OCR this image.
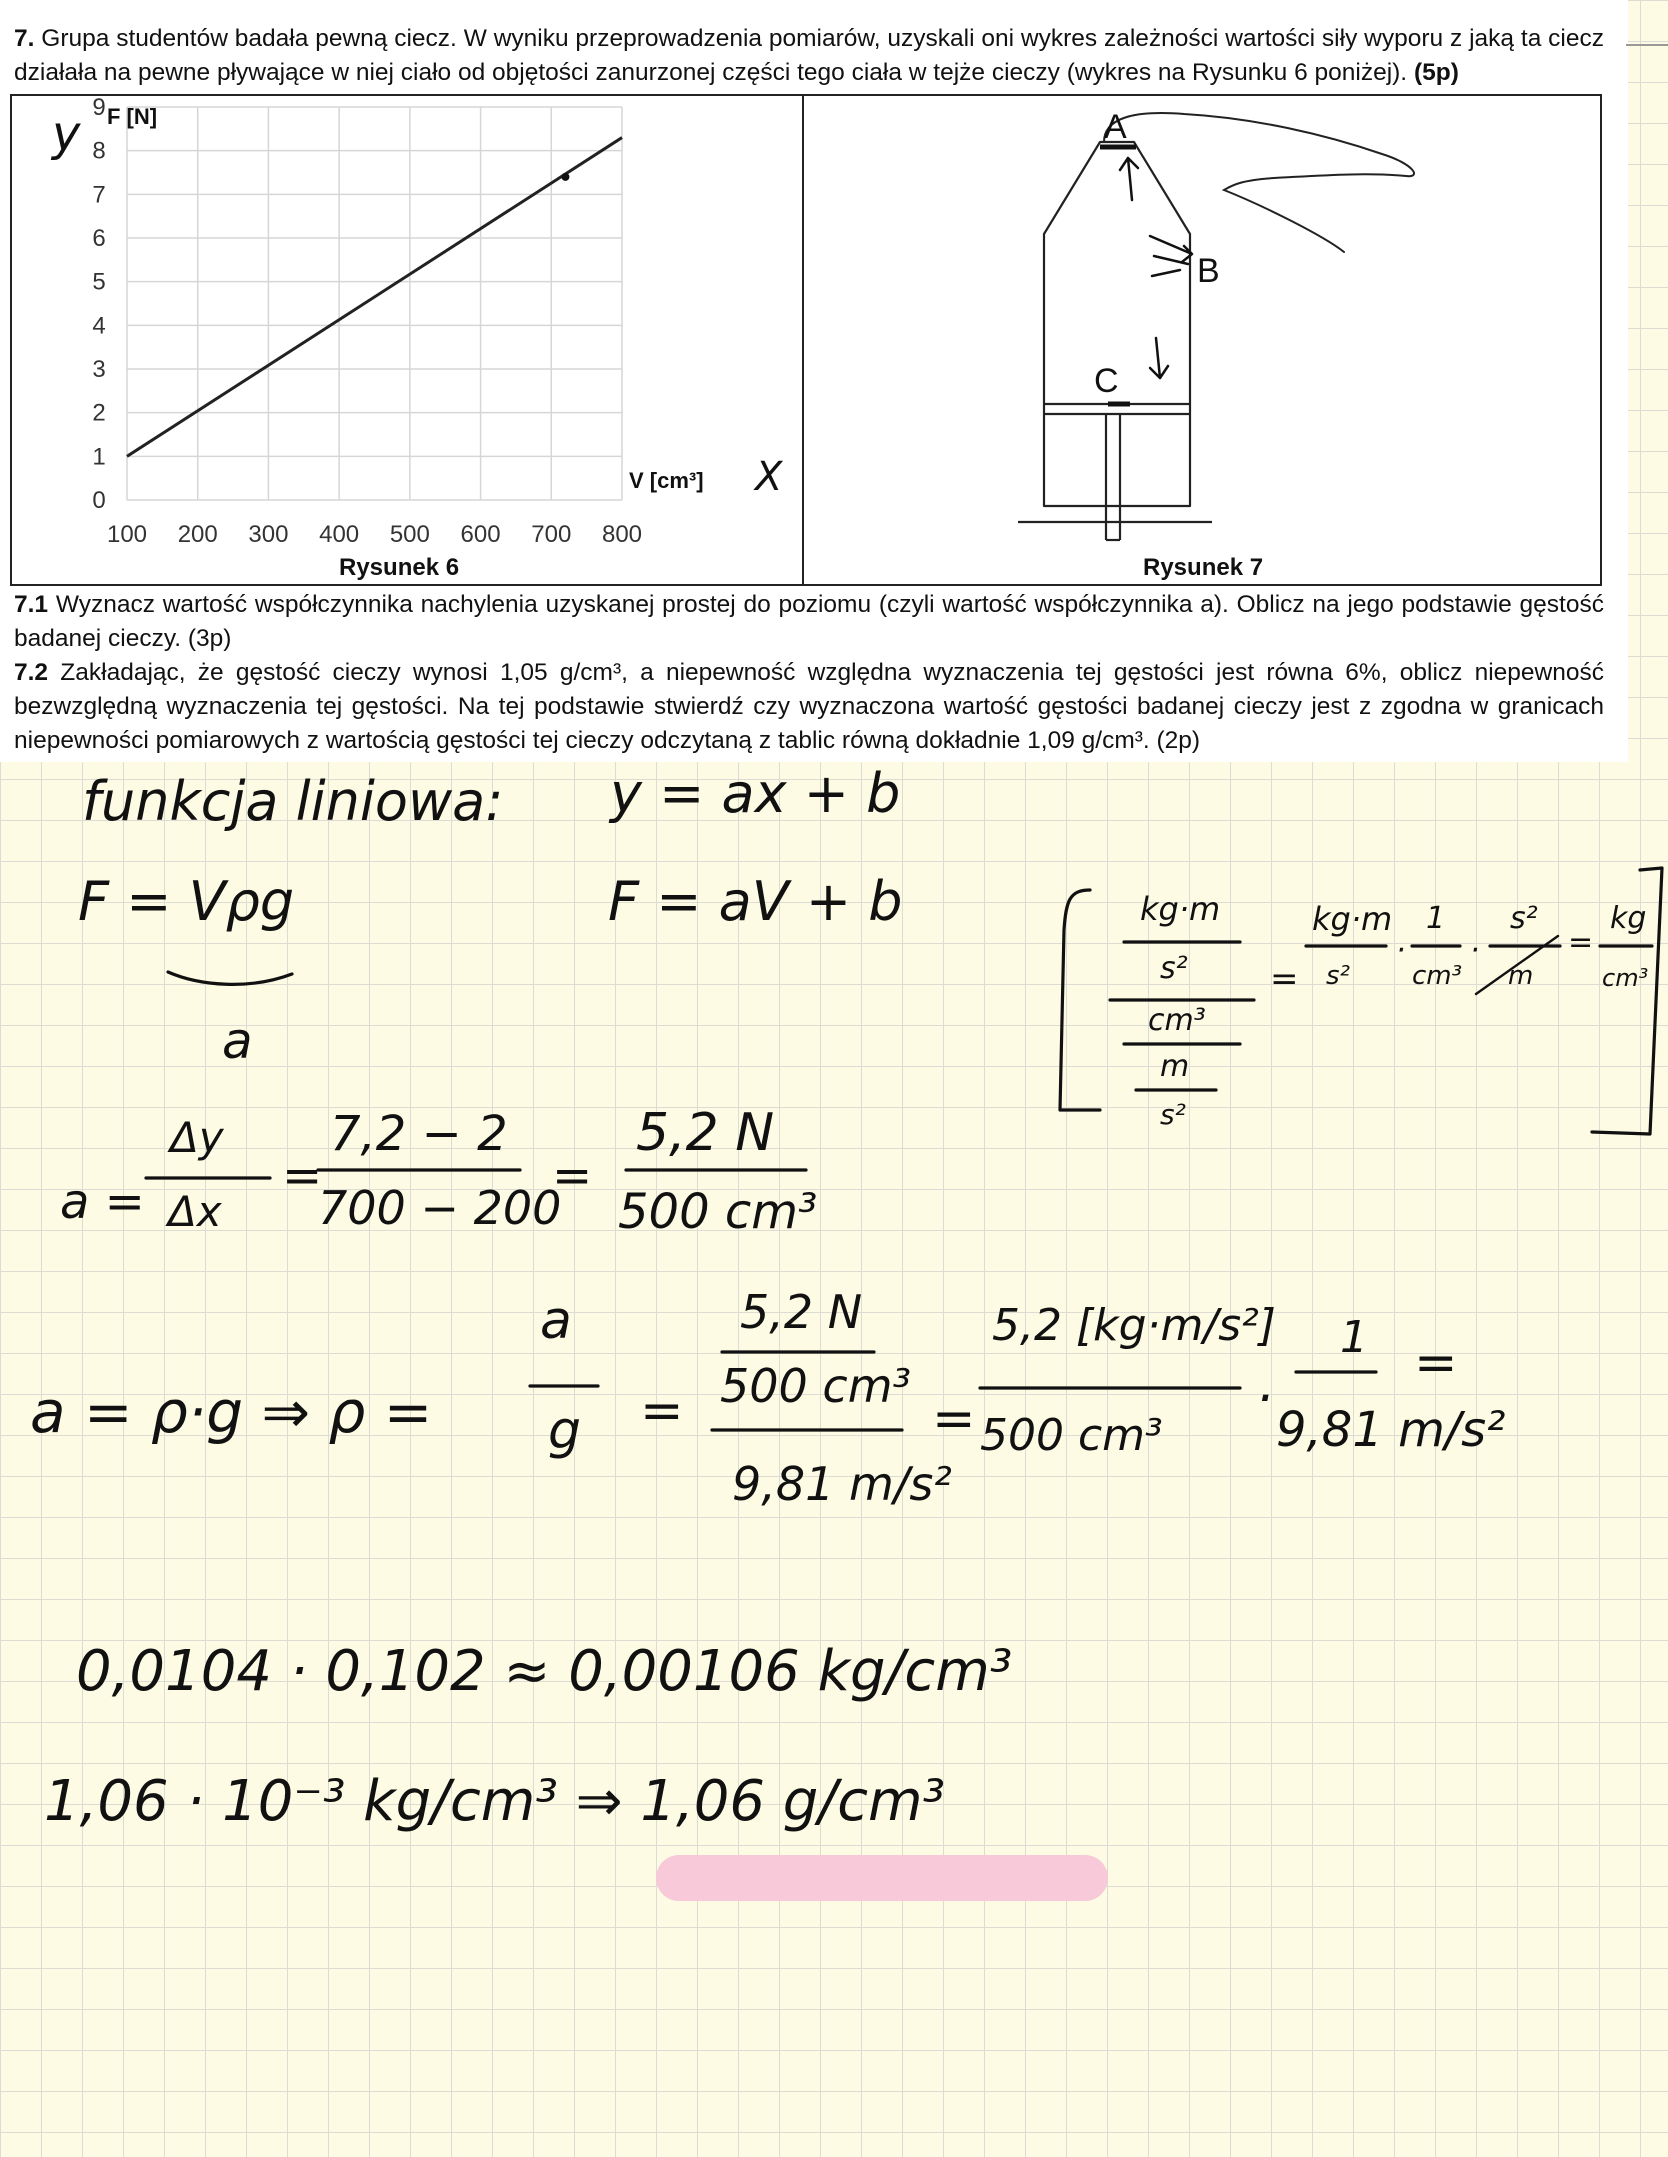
7. Grupa studentów badała pewną ciecz. W wyniku przeprowadzenia pomiarów, uzyskali oni wykres zależności wartości siły wyporu z jaką ta ciecz działała na pewne pływające w niej ciało od objętości zanurzonej części tego ciała w tejże cieczy (wykres na Rysunku 6 poniżej). (5p)
0
1
2
3
4
5
6
7
8
9
100 200 300 400 500 600 700 800
F [N]
V [cm³]
Rysunek 6
A
B
C
Rysunek 7

7.1 Wyznacz wartość współczynnika nachylenia uzyskanej prostej do poziomu (czyli wartość współczynnika a). Oblicz na jego podstawie gęstość badanej cieczy. (3p)

7.2 Zakładając, że gęstość cieczy wynosi 1,05 g/cm³, a niepewność względna wyznaczenia tej gęstości jest równa 6%, oblicz niepewność bezwzględną wyznaczenia tej gęstości. Na tej podstawie stwierdź czy wyznaczona wartość gęstości badanej cieczy jest z zgodna w granicach niepewności pomiarowych z wartością gęstości tej cieczy odczytaną z tablic równą dokładnie 1,09 g/cm³. (2p)

y
X
funkcja liniowa: y = ax + b
F = Vρg	F = aV + b
a
a =
Δy
Δx
=
7,2 − 2
700 − 200
=
5,2 N
500 cm³
kg·m
s²
cm³
m
s²
=
kg·m
s²
·
1
cm³
·
s²
m
=
kg
cm³
a = ρ·g ⇒ ρ =
a
g =
5,2 N
500 cm³
9,81 m/s²
=
5,2 [kg·m/s²]
500 cm³
·
1
9,81 m/s²
=
0,0104 · 0,102 ≈ 0,00106 kg/cm³
1,06 · 10⁻³ kg/cm³ ⇒ 1,06 g/cm³
